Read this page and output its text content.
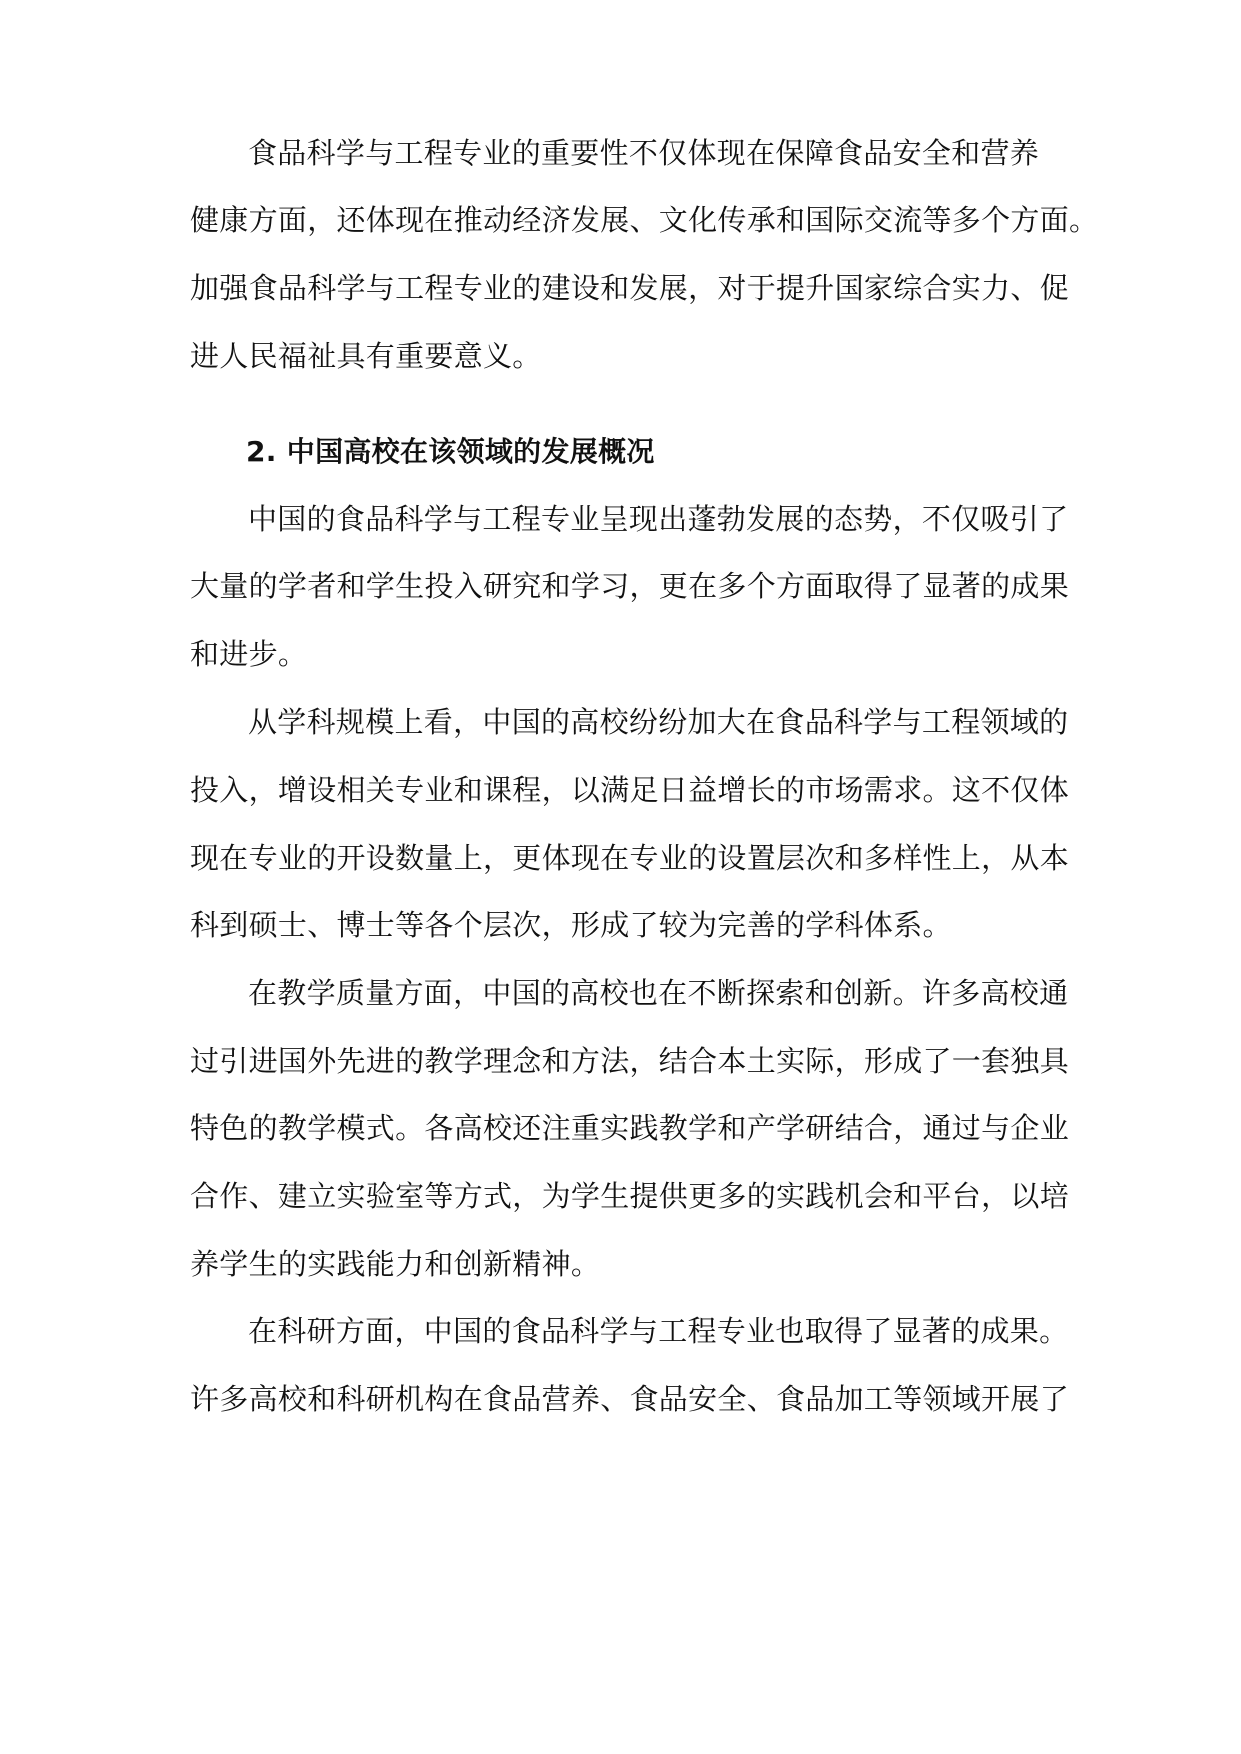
食品科学与工程专业的重要性不仅体现在保障食品安全和营养
健康方面，还体现在推动经济发展、文化传承和国际交流等多个方面。
加强食品科学与工程专业的建设和发展，对于提升国家综合实力、促
进人民福祉具有重要意义。
2. 中国高校在该领域的发展概况
中国的食品科学与工程专业呈现出蓬勃发展的态势，不仅吸引了
大量的学者和学生投入研究和学习，更在多个方面取得了显著的成果
和进步。
从学科规模上看，中国的高校纷纷加大在食品科学与工程领域的
投入，增设相关专业和课程，以满足日益增长的市场需求。这不仅体
现在专业的开设数量上，更体现在专业的设置层次和多样性上，从本
科到硕士、博士等各个层次，形成了较为完善的学科体系。
在教学质量方面，中国的高校也在不断探索和创新。许多高校通
过引进国外先进的教学理念和方法，结合本土实际，形成了一套独具
特色的教学模式。各高校还注重实践教学和产学研结合，通过与企业
合作、建立实验室等方式，为学生提供更多的实践机会和平台，以培
养学生的实践能力和创新精神。
在科研方面，中国的食品科学与工程专业也取得了显著的成果。
许多高校和科研机构在食品营养、食品安全、食品加工等领域开展了
